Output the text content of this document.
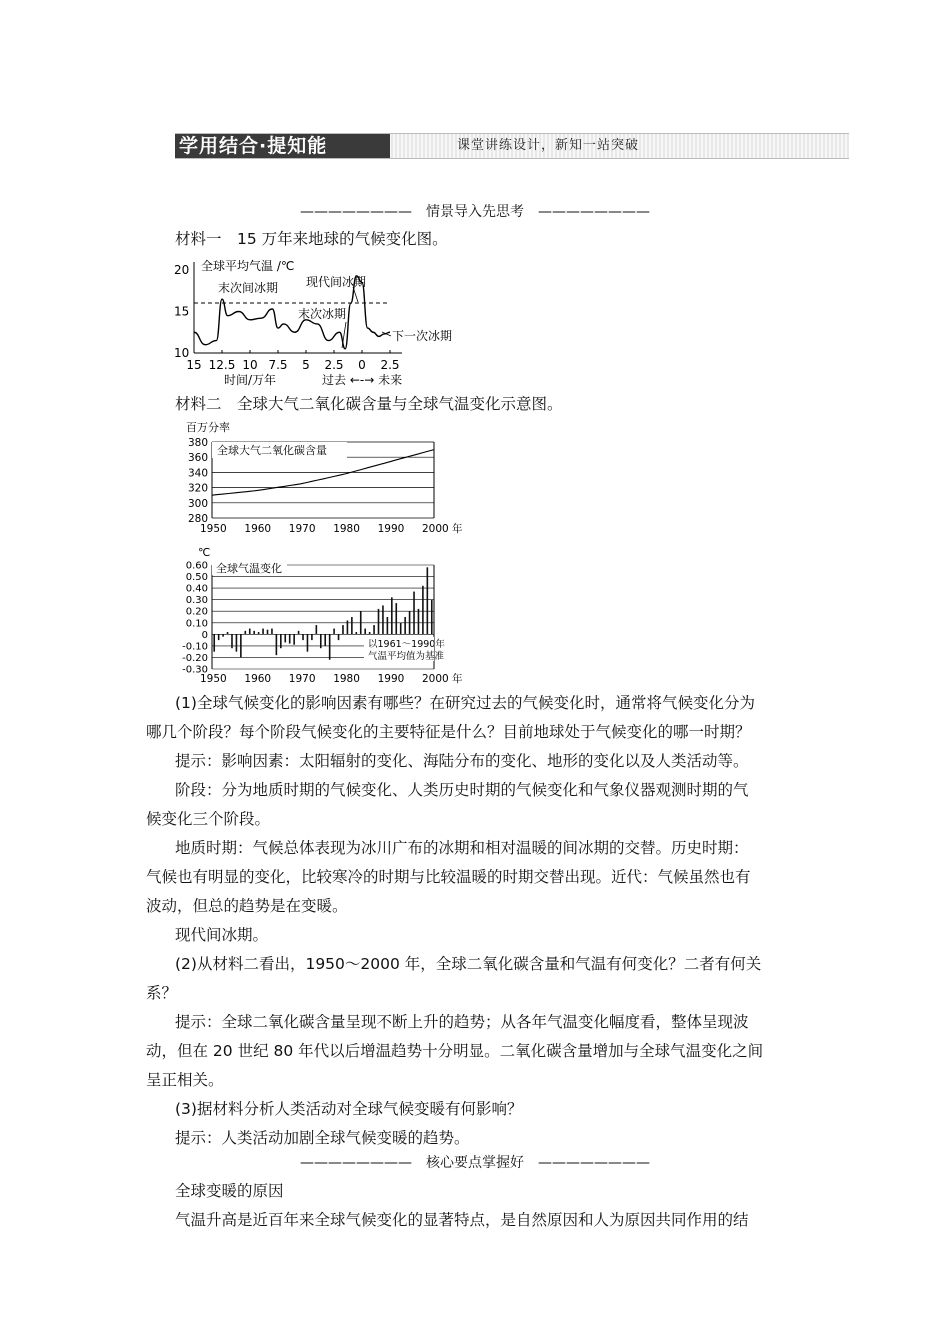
学用结合·提知能	课堂讲练设计，新知一站突破
————————　情景导入先思考　————————
材料一　15 万年来地球的气候变化图。
全球平均气温 /℃
20
15
10
15 12.5 10 7.5 5 2.5 0 2.5
末次间冰期 现代间冰期
末次冰期
下一次冰期
时间/万年	过去 ←-→ 未来
材料二　全球大气二氧化碳含量与全球气温变化示意图。
百万分率
380
360
340
320
300
280
全球大气二氧化碳含量
1950 1960 1970 1980 1990 2000 年
℃
0.60
0.50
0.40
0.30
0.20
0.10
0
-0.10
-0.20
-0.30
全球气温变化
以1961～1990年
气温平均值为基准
1950 1960 1970 1980 1990 2000 年
(1)全球气候变化的影响因素有哪些？在研究过去的气候变化时，通常将气候变化分为
哪几个阶段？每个阶段气候变化的主要特征是什么？目前地球处于气候变化的哪一时期？
提示：影响因素：太阳辐射的变化、海陆分布的变化、地形的变化以及人类活动等。
阶段：分为地质时期的气候变化、人类历史时期的气候变化和气象仪器观测时期的气
候变化三个阶段。
地质时期：气候总体表现为冰川广布的冰期和相对温暖的间冰期的交替。历史时期：
气候也有明显的变化，比较寒冷的时期与比较温暖的时期交替出现。近代：气候虽然也有
波动，但总的趋势是在变暖。
现代间冰期。
(2)从材料二看出，1950～2000 年，全球二氧化碳含量和气温有何变化？二者有何关
系？
提示：全球二氧化碳含量呈现不断上升的趋势；从各年气温变化幅度看，整体呈现波
动，但在 20 世纪 80 年代以后增温趋势十分明显。二氧化碳含量增加与全球气温变化之间
呈正相关。
(3)据材料分析人类活动对全球气候变暖有何影响？
提示：人类活动加剧全球气候变暖的趋势。
————————　核心要点掌握好　————————
全球变暖的原因
气温升高是近百年来全球气候变化的显著特点，是自然原因和人为原因共同作用的结
